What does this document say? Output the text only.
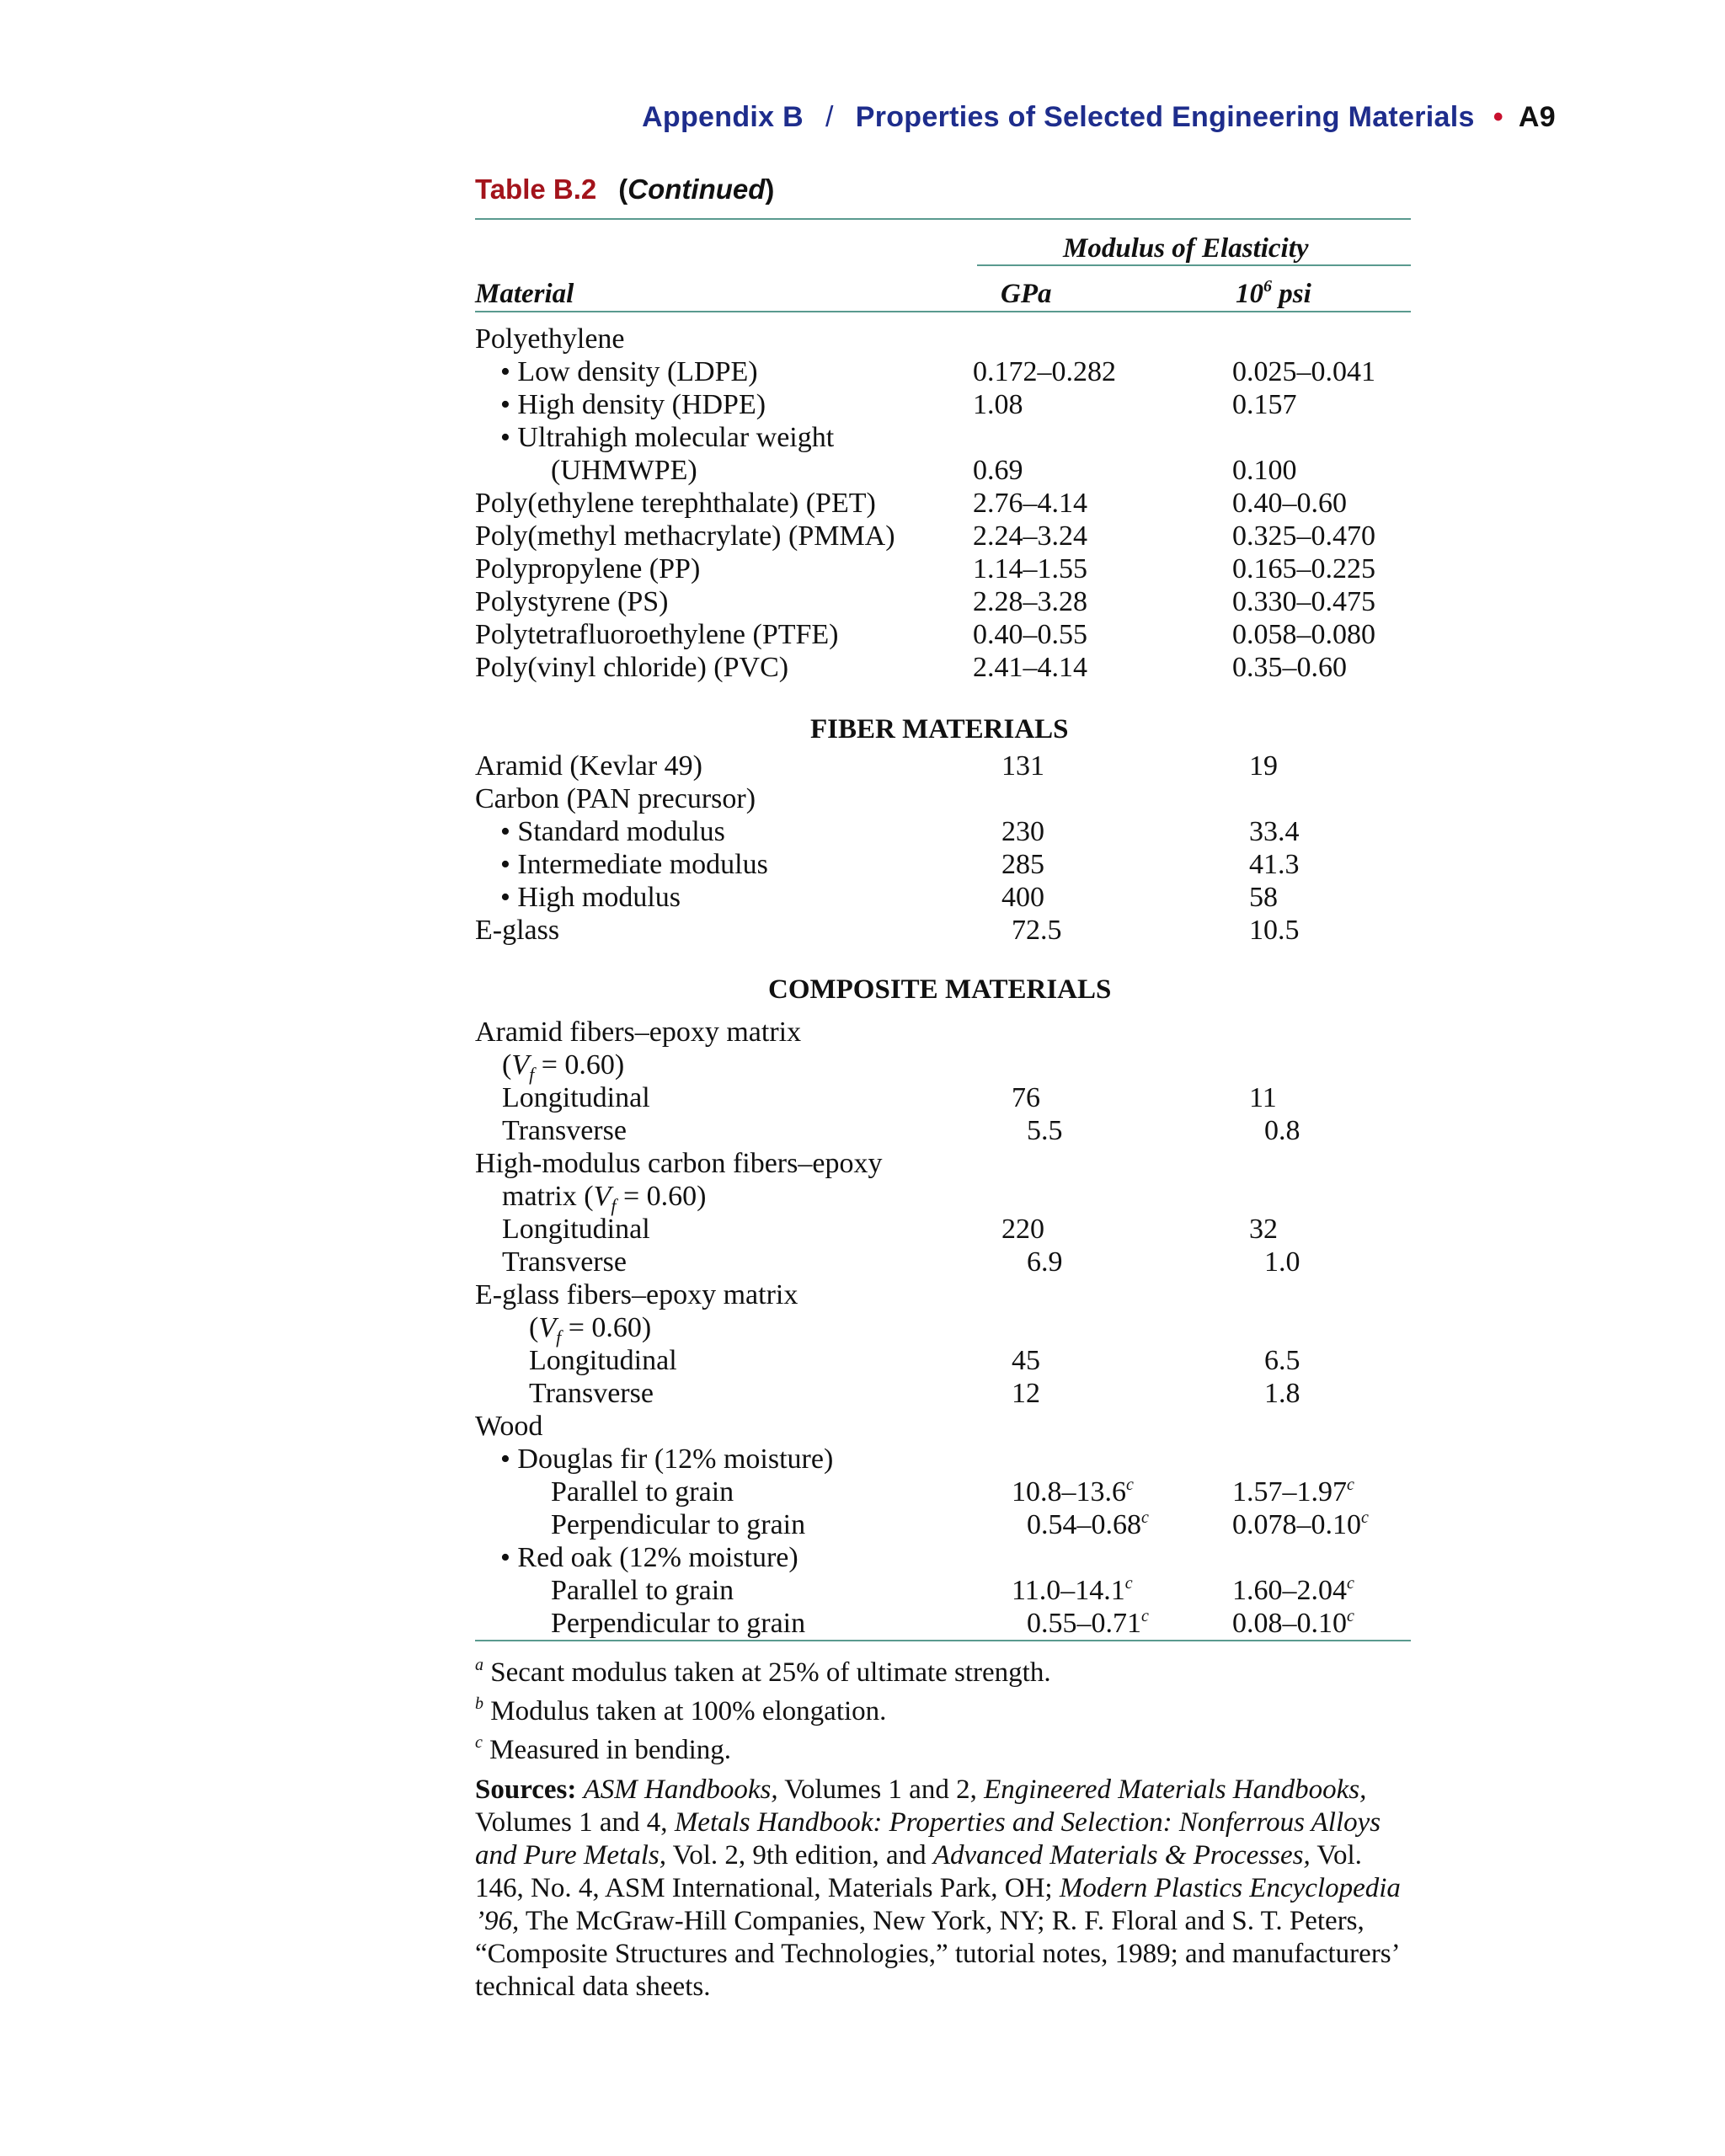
Appendix B / Properties of Selected Engineering Materials • A9
Table B.2 (Continued)
Modulus of Elasticity
Material	GPa	$10^6$ psi
Polyethylene
• Low density (LDPE)	0.172–0.282	0.025–0.041
• High density (HDPE)	1.08	0.157
• Ultrahigh molecular weight
(UHMWPE)	0.69	0.100
Poly(ethylene terephthalate) (PET)	2.76–4.14	0.40–0.60
Poly(methyl methacrylate) (PMMA)	2.24–3.24	0.325–0.470
Polypropylene (PP)	1.14–1.55	0.165–0.225
Polystyrene (PS)	2.28–3.28	0.330–0.475
Polytetrafluoroethylene (PTFE)	0.40–0.55	0.058–0.080
Poly(vinyl chloride) (PVC)	2.41–4.14	0.35–0.60
FIBER MATERIALS
Aramid (Kevlar 49)	131	19
Carbon (PAN precursor)
• Standard modulus	230	33.4
• Intermediate modulus	285	41.3
• High modulus	400	58
E-glass	72.5	10.5
COMPOSITE MATERIALS
Aramid fibers–epoxy matrix
$(V_f = 0.60)$
Longitudinal	76	11
Transverse	5.5	0.8
High-modulus carbon fibers–epoxy
matrix $(V_f = 0.60)$
Longitudinal	220	32
Transverse	6.9	1.0
E-glass fibers–epoxy matrix
$(V_f = 0.60)$
Longitudinal	45	6.5
Transverse	12	1.8
Wood
• Douglas fir (12% moisture)
Parallel to grain	10.8–13.6$^c$	1.57–1.97$^c$
Perpendicular to grain	0.54–0.68$^c$	0.078–0.10$^c$
• Red oak (12% moisture)
Parallel to grain	11.0–14.1$^c$	1.60–2.04$^c$
Perpendicular to grain	0.55–0.71$^c$	0.08–0.10$^c$
$^a$ Secant modulus taken at 25% of ultimate strength.
$^b$ Modulus taken at 100% elongation.
$^c$ Measured in bending.
Sources: ASM Handbooks, Volumes 1 and 2, Engineered Materials Handbooks, Volumes 1 and 4, Metals Handbook: Properties and Selection: Nonferrous Alloys and Pure Metals, Vol. 2, 9th edition, and Advanced Materials & Processes, Vol. 146, No. 4, ASM International, Materials Park, OH; Modern Plastics Encyclopedia ’96, The McGraw-Hill Companies, New York, NY; R. F. Floral and S. T. Peters, “Composite Structures and Technologies,” tutorial notes, 1989; and manufacturers’ technical data sheets.
